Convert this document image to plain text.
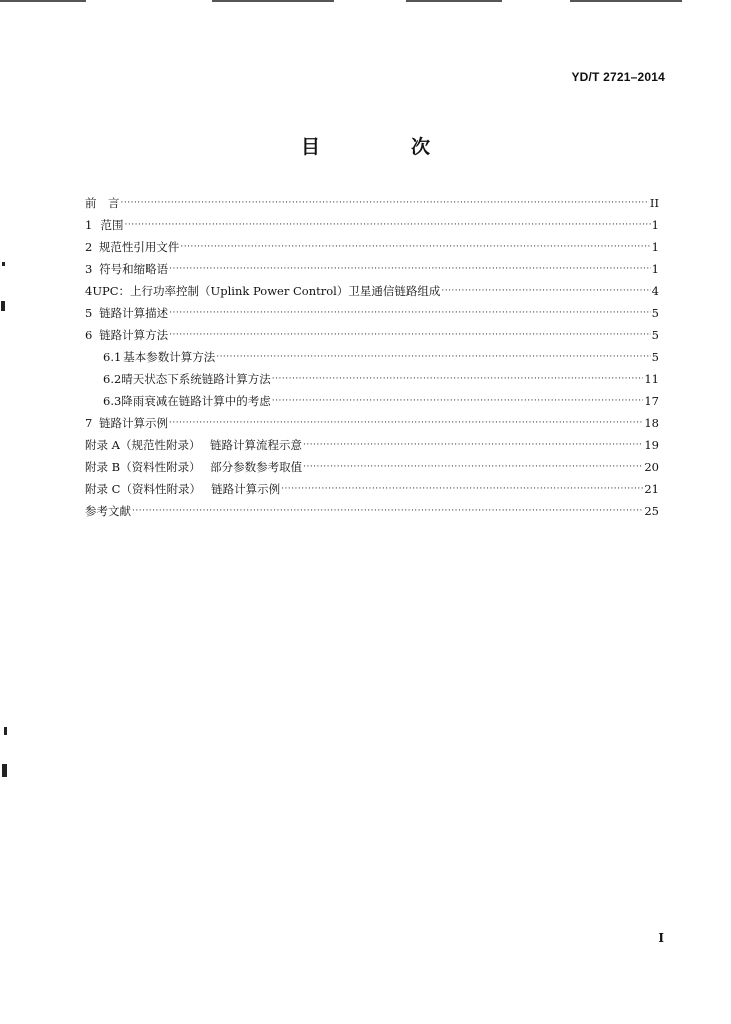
YD/T 2721–2014
目　次
前　言 ·····	II
1 范围 ·····	1
2 规范性引用文件 ·····	1
3 符号和缩略语 ·····	1
4 UPC：上行功率控制（Uplink Power Control）卫星通信链路组成 ·····	4
5 链路计算描述 ·····	5
6 链路计算方法 ·····	5
6.1 基本参数计算方法 ·····	5
6.2 晴天状态下系统链路计算方法 ·····	11
6.3 降雨衰减在链路计算中的考虑 ·····	17
7 链路计算示例 ·····	18
附录 A（规范性附录） 链路计算流程示意 ·····	19
附录 B（资料性附录） 部分参数参考取值 ·····	20
附录 C（资料性附录） 链路计算示例 ·····	21
参考文献 ·····	25
I
